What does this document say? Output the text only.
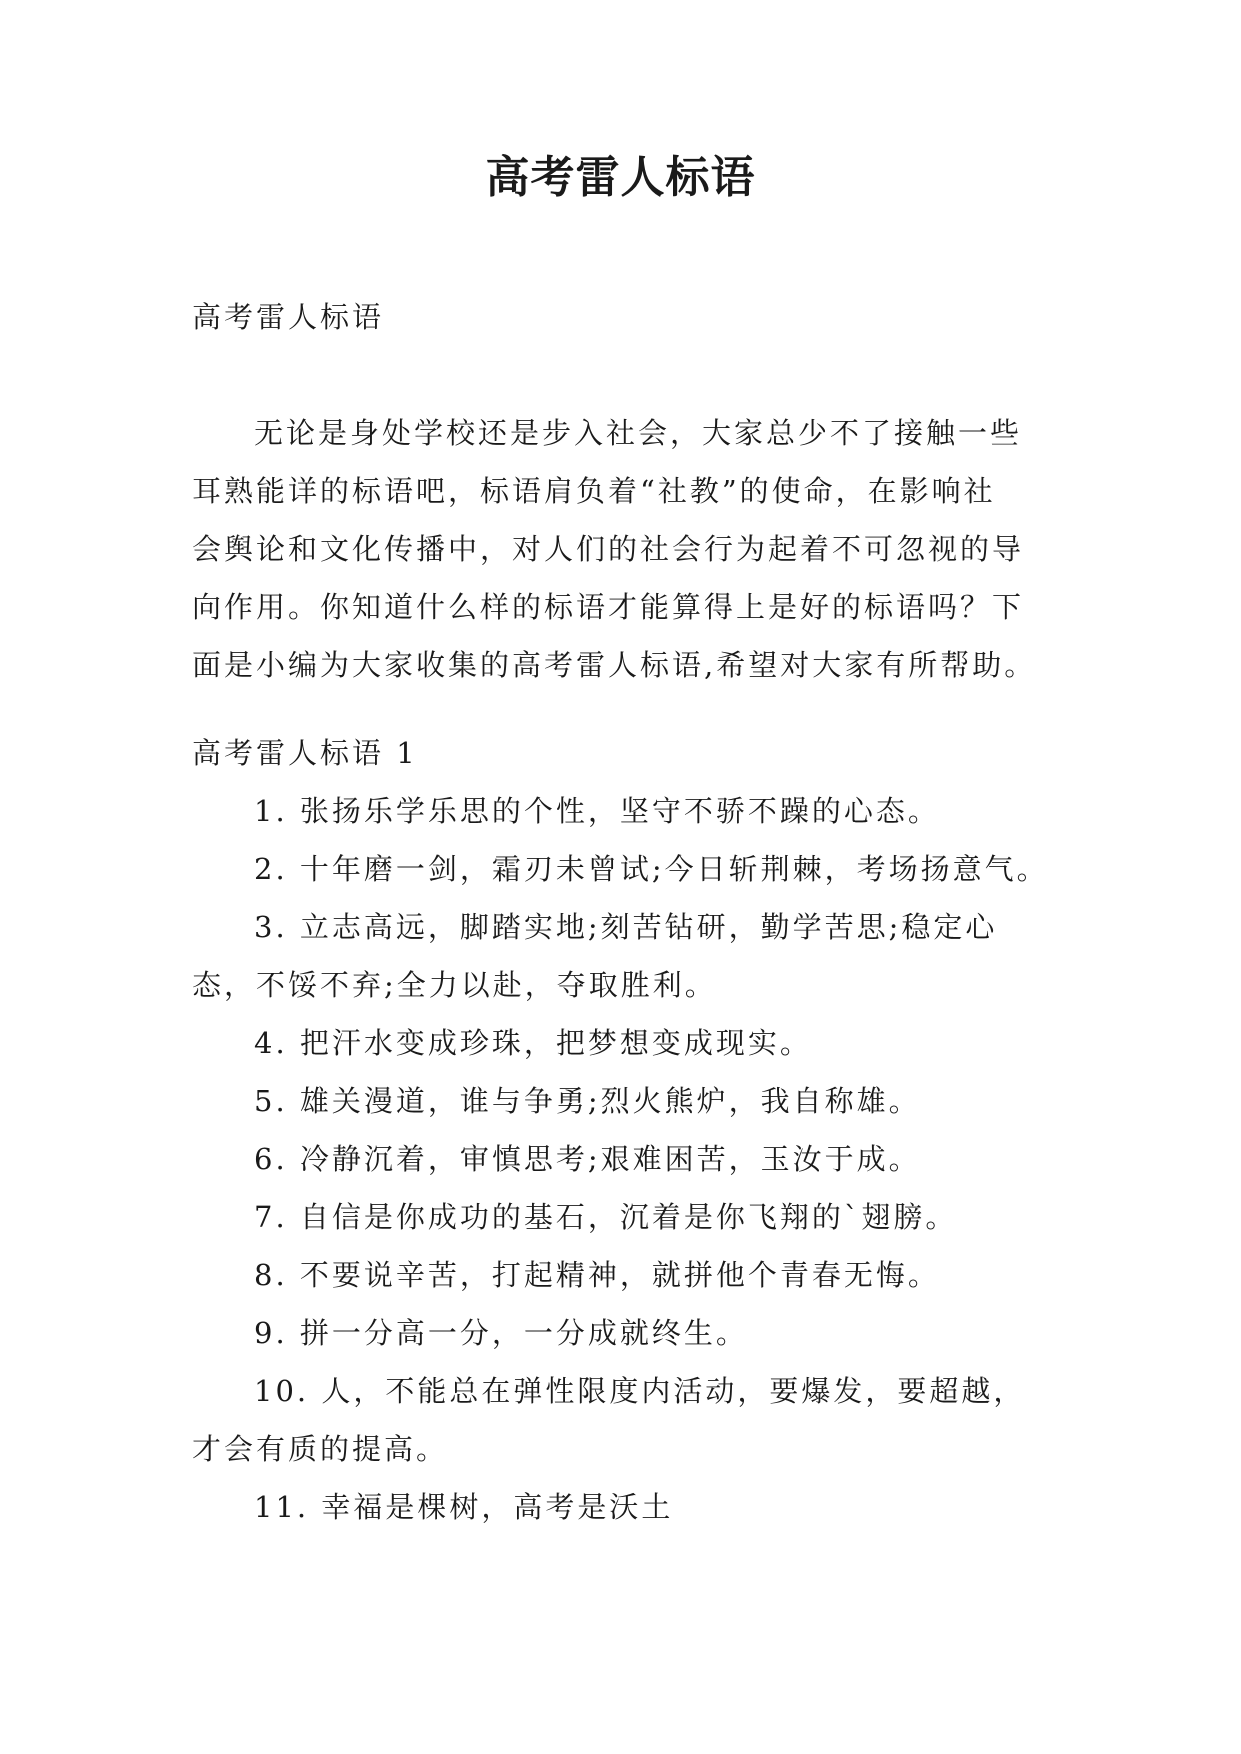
高考雷人标语

高考雷人标语

无论是身处学校还是步入社会，大家总少不了接触一些
耳熟能详的标语吧，标语肩负着“社教”的使命，在影响社
会舆论和文化传播中，对人们的社会行为起着不可忽视的导
向作用。你知道什么样的标语才能算得上是好的标语吗？下
面是小编为大家收集的高考雷人标语,希望对大家有所帮助。

高考雷人标语 1

1. 张扬乐学乐思的个性，坚守不骄不躁的心态。

2. 十年磨一剑，霜刃未曾试;今日斩荆棘，考场扬意气。

3. 立志高远，脚踏实地;刻苦钻研，勤学苦思;稳定心态，不馁不弃;全力以赴，夺取胜利。

4. 把汗水变成珍珠，把梦想变成现实。

5. 雄关漫道，谁与争勇;烈火熊炉，我自称雄。

6. 冷静沉着，审慎思考;艰难困苦，玉汝于成。

7. 自信是你成功的基石，沉着是你飞翔的`翅膀。

8. 不要说辛苦，打起精神，就拼他个青春无悔。

9. 拼一分高一分，一分成就终生。

10. 人，不能总在弹性限度内活动，要爆发，要超越，才会有质的提高。

11. 幸福是棵树，高考是沃土
